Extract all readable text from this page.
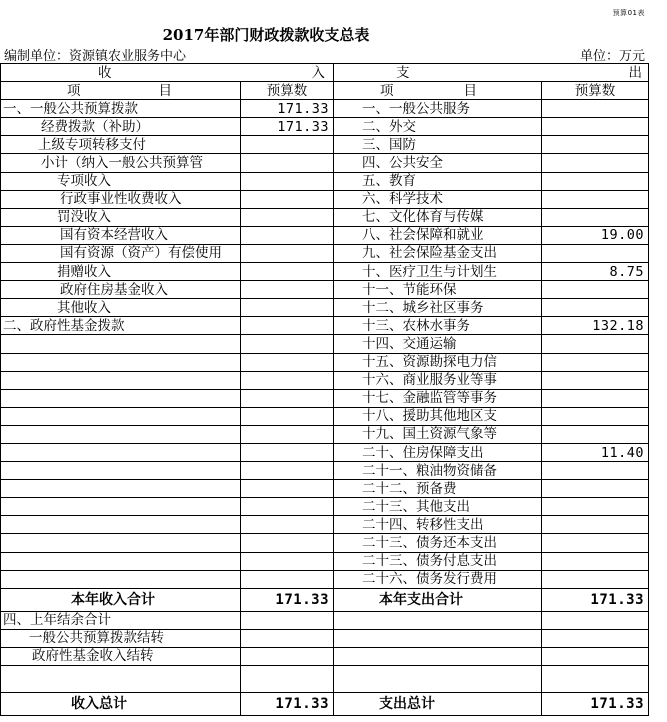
预算01表
2017年部门财政拨款收支总表
编制单位：资源镇农业服务中心	单位：万元
收 入		支 出	

项 目	预算数	项 目	预算数
一、一般公共预算拨款	171.33	一、一般公共服务	
经费拨款（补助）	171.33	二、外交	
上级专项转移支付		三、国防	
小计（纳入一般公共预算管		四、公共安全	
专项收入		五、教育	
行政事业性收费收入		六、科学技术	
罚没收入		七、文化体育与传媒	
国有资本经营收入		八、社会保障和就业	19.00
国有资源（资产）有偿使用		九、社会保险基金支出	
捐赠收入		十、医疗卫生与计划生	8.75
政府住房基金收入		十一、节能环保	
其他收入		十二、城乡社区事务	
二、政府性基金拨款		十三、农林水事务	132.18
		十四、交通运输	
		十五、资源勘探电力信	
		十六、商业服务业等事	
		十七、金融监管等事务	
		十八、援助其他地区支	
		十九、国土资源气象等	
		二十、住房保障支出	11.40
		二十一、粮油物资储备	
		二十二、预备费	
		二十三、其他支出	
		二十四、转移性支出	
		二十三、债务还本支出	
		二十三、债务付息支出	
		二十六、债务发行费用	
本年收入合计	171.33	本年支出合计	171.33
四、上年结余合计			
一般公共预算拨款结转			
政府性基金收入结转			

收入总计	171.33	支出总计	171.33
